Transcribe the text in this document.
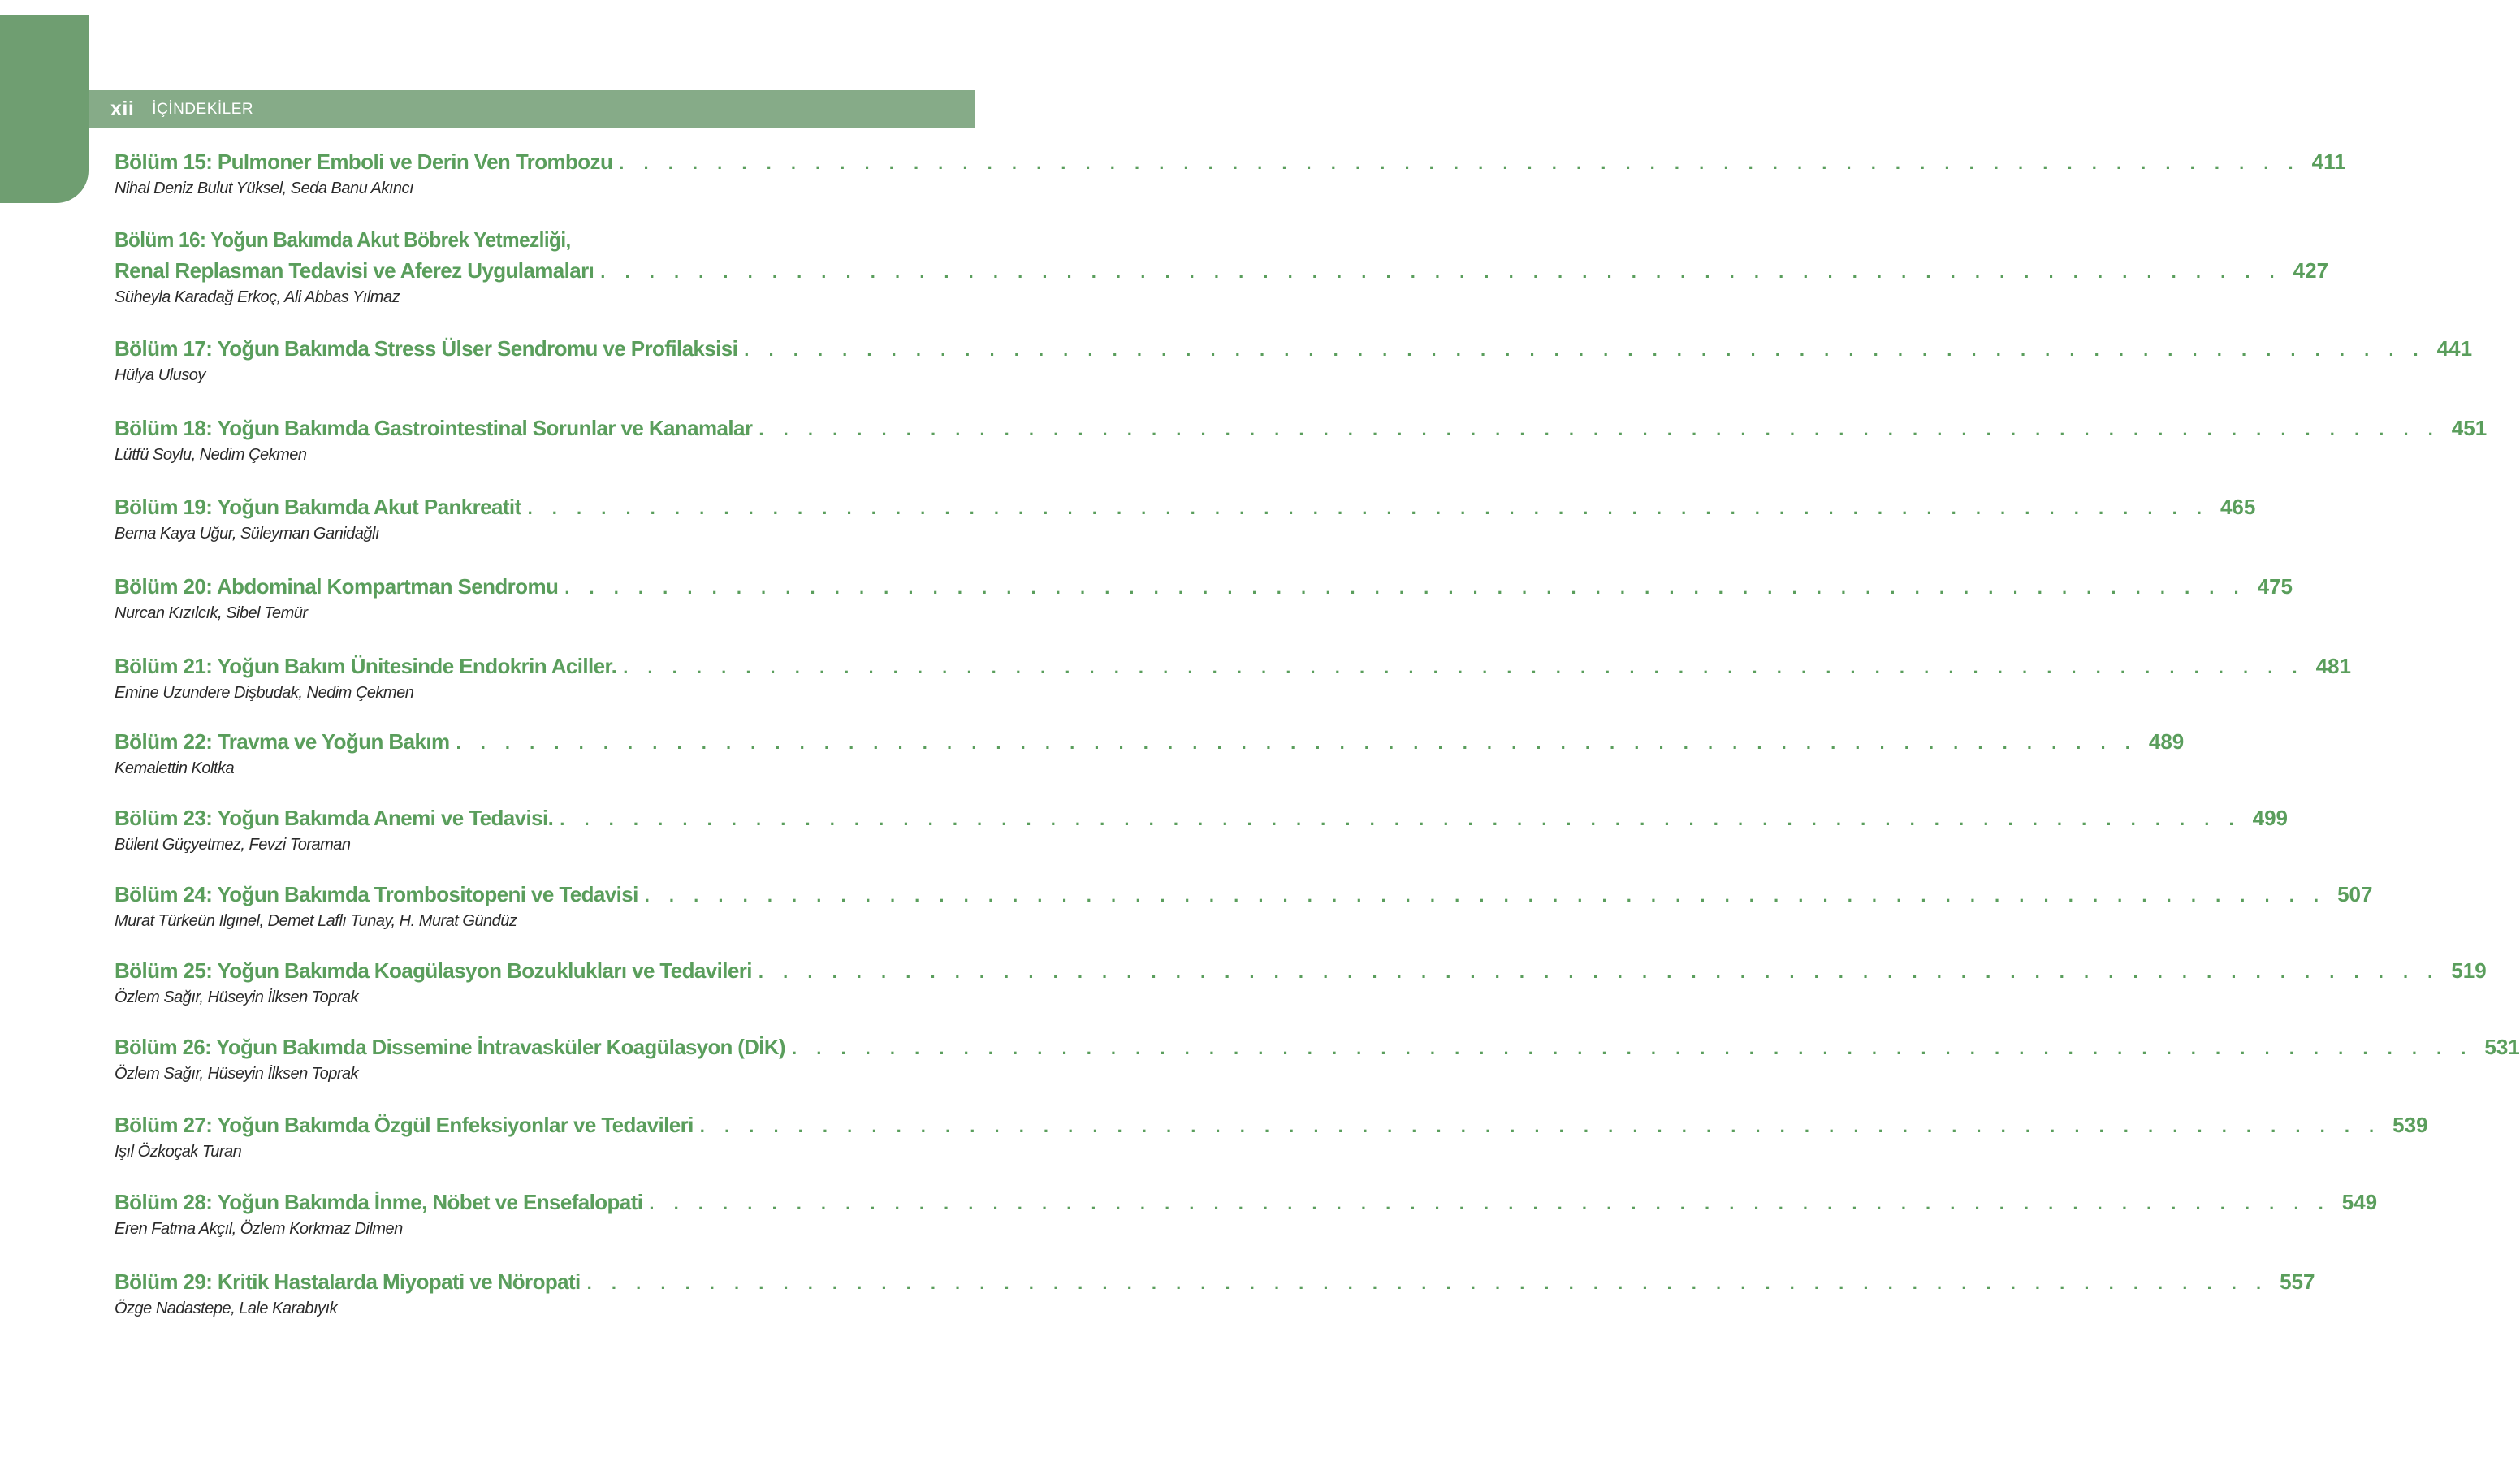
xii İÇİNDEKİLER
Bölüm 15: Pulmoner Emboli ve Derin Ven Trombozu . . . . . . . . . . . . . . . . . . . . . . . . . . . . . . . . . . . . . . . . . . . . . . . . . . . . . . . . . . . . . . . . . . . . . 411
Nihal Deniz Bulut Yüksel, Seda Banu Akıncı
Bölüm 16: Yoğun Bakımda Akut Böbrek Yetmezliği,
Renal Replasman Tedavisi ve Aferez Uygulamaları . . . . . . . . . . . . . . . . . . . . . . . . . . . . . . . . . . . . . . . . . . . . . . . . . . . . . . . . . . . . . . . . . . . . . 427
Süheyla Karadağ Erkoç, Ali Abbas Yılmaz
Bölüm 17: Yoğun Bakımda Stress Ülser Sendromu ve Profilaksisi . . . . . . . . . . . . . . . . . . . . . . . . . . . . . . . . . . . . . . . . . . . . . . . . . . . . . . . . . . . . . . . . . . . . . 441
Hülya Ulusoy
Bölüm 18: Yoğun Bakımda Gastrointestinal Sorunlar ve Kanamalar . . . . . . . . . . . . . . . . . . . . . . . . . . . . . . . . . . . . . . . . . . . . . . . . . . . . . . . . . . . . . . . . . . . . . 451
Lütfü Soylu, Nedim Çekmen
Bölüm 19: Yoğun Bakımda Akut Pankreatit . . . . . . . . . . . . . . . . . . . . . . . . . . . . . . . . . . . . . . . . . . . . . . . . . . . . . . . . . . . . . . . . . . . . . 465
Berna Kaya Uğur, Süleyman Ganidağlı
Bölüm 20: Abdominal Kompartman Sendromu . . . . . . . . . . . . . . . . . . . . . . . . . . . . . . . . . . . . . . . . . . . . . . . . . . . . . . . . . . . . . . . . . . . . . 475
Nurcan Kızılcık, Sibel Temür
Bölüm 21: Yoğun Bakım Ünitesinde Endokrin Aciller. . . . . . . . . . . . . . . . . . . . . . . . . . . . . . . . . . . . . . . . . . . . . . . . . . . . . . . . . . . . . . . . . . . . . . 481
Emine Uzundere Dişbudak, Nedim Çekmen
Bölüm 22: Travma ve Yoğun Bakım . . . . . . . . . . . . . . . . . . . . . . . . . . . . . . . . . . . . . . . . . . . . . . . . . . . . . . . . . . . . . . . . . . . . . 489
Kemalettin Koltka
Bölüm 23: Yoğun Bakımda Anemi ve Tedavisi. . . . . . . . . . . . . . . . . . . . . . . . . . . . . . . . . . . . . . . . . . . . . . . . . . . . . . . . . . . . . . . . . . . . . . 499
Bülent Güçyetmez, Fevzi Toraman
Bölüm 24: Yoğun Bakımda Trombositopeni ve Tedavisi . . . . . . . . . . . . . . . . . . . . . . . . . . . . . . . . . . . . . . . . . . . . . . . . . . . . . . . . . . . . . . . . . . . . . 507
Murat Türkeün Ilgınel, Demet Laflı Tunay, H. Murat Gündüz
Bölüm 25: Yoğun Bakımda Koagülasyon Bozuklukları ve Tedavileri . . . . . . . . . . . . . . . . . . . . . . . . . . . . . . . . . . . . . . . . . . . . . . . . . . . . . . . . . . . . . . . . . . . . . 519
Özlem Sağır, Hüseyin İlksen Toprak
Bölüm 26: Yoğun Bakımda Dissemine İntravasküler Koagülasyon (DİK) . . . . . . . . . . . . . . . . . . . . . . . . . . . . . . . . . . . . . . . . . . . . . . . . . . . . . . . . . . . . . . . . . . . . . 531
Özlem Sağır, Hüseyin İlksen Toprak
Bölüm 27: Yoğun Bakımda Özgül Enfeksiyonlar ve Tedavileri . . . . . . . . . . . . . . . . . . . . . . . . . . . . . . . . . . . . . . . . . . . . . . . . . . . . . . . . . . . . . . . . . . . . . 539
Işıl Özkoçak Turan
Bölüm 28: Yoğun Bakımda İnme, Nöbet ve Ensefalopati . . . . . . . . . . . . . . . . . . . . . . . . . . . . . . . . . . . . . . . . . . . . . . . . . . . . . . . . . . . . . . . . . . . . . 549
Eren Fatma Akçıl, Özlem Korkmaz Dilmen
Bölüm 29: Kritik Hastalarda Miyopati ve Nöropati . . . . . . . . . . . . . . . . . . . . . . . . . . . . . . . . . . . . . . . . . . . . . . . . . . . . . . . . . . . . . . . . . . . . . 557
Özge Nadastepe, Lale Karabıyık
